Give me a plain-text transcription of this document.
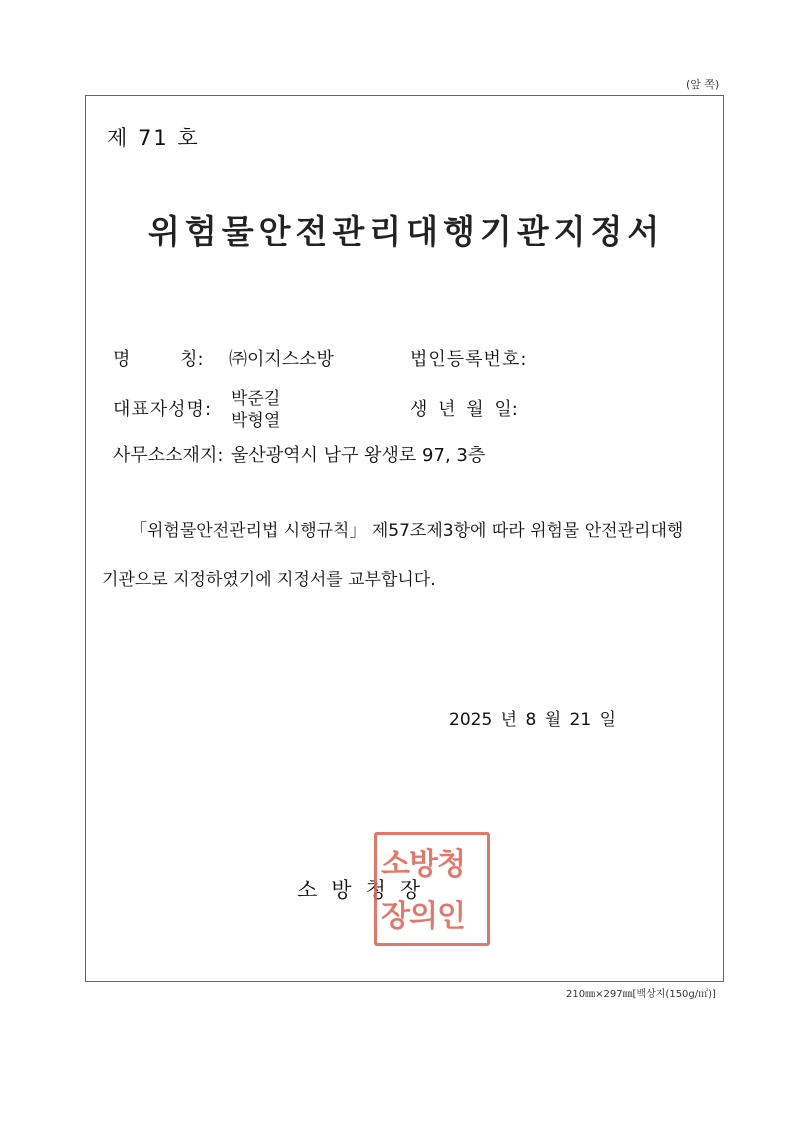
(앞 쪽)
제 71 호
위험물안전관리대행기관지정서
명 칭: ㈜이지스소방	법인등록번호:
대표자성명: 박준길
박형열
생 년 월 일:
사무소소재지: 울산광역시 남구 왕생로 97, 3층
「위험물안전관리법 시행규칙」 제57조제3항에 따라 위험물 안전관리대행
기관으로 지정하였기에 지정서를 교부합니다.
2025 년 8 월 21 일
소방청장
소방청
장의인
210㎜×297㎜[백상지(150g/㎡)]
